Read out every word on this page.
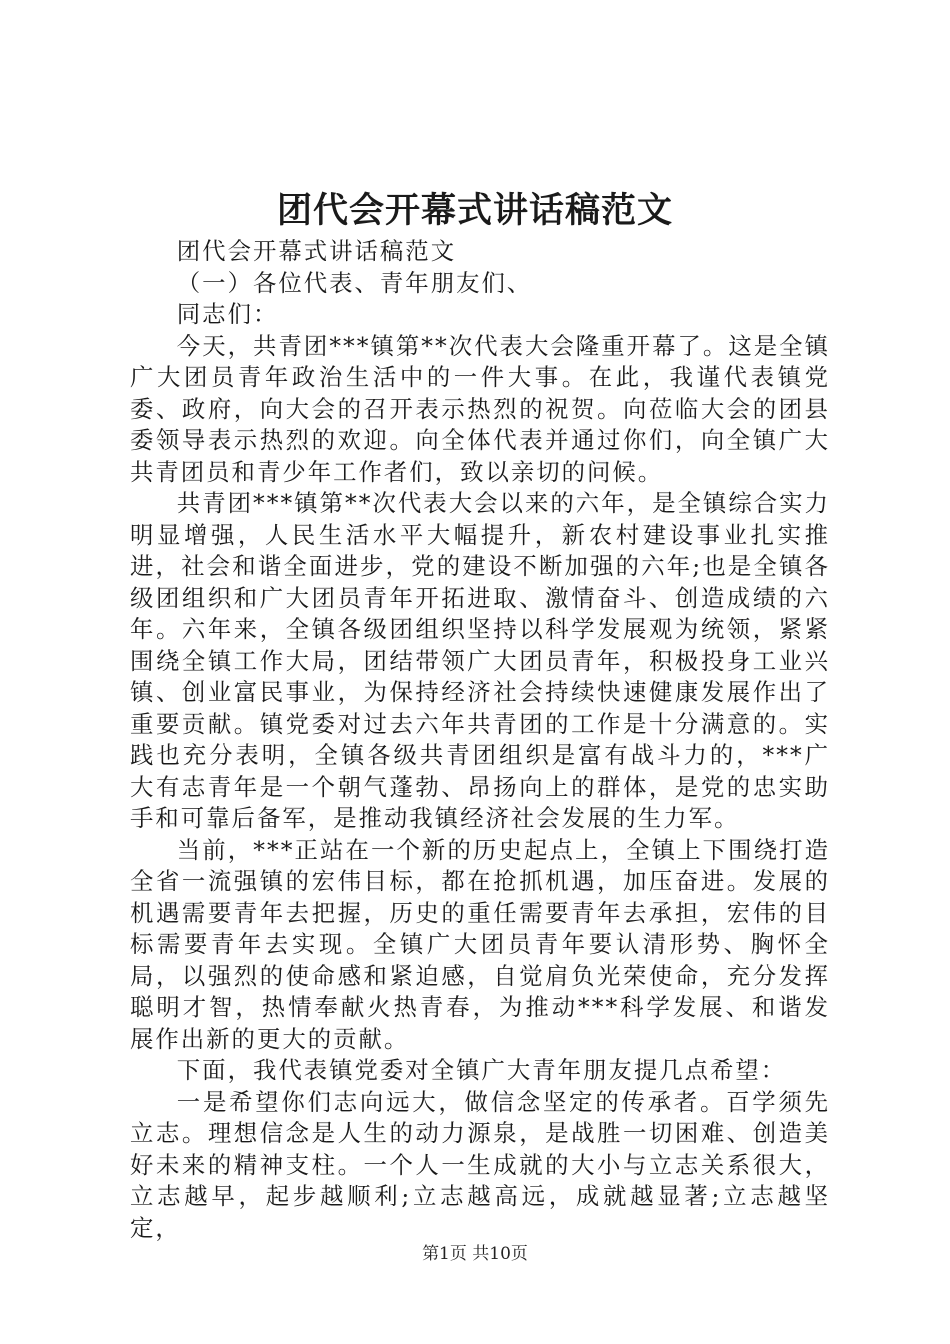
团代会开幕式讲话稿范文

团代会开幕式讲话稿范文

（一）各位代表、青年朋友们、

同志们：

今天，共青团***镇第**次代表大会隆重开幕了。这是全镇广大团员青年政治生活中的一件大事。在此，我谨代表镇党委、政府，向大会的召开表示热烈的祝贺。向莅临大会的团县委领导表示热烈的欢迎。向全体代表并通过你们，向全镇广大共青团员和青少年工作者们，致以亲切的问候。

共青团***镇第**次代表大会以来的六年，是全镇综合实力明显增强，人民生活水平大幅提升，新农村建设事业扎实推进，社会和谐全面进步，党的建设不断加强的六年;也是全镇各级团组织和广大团员青年开拓进取、激情奋斗、创造成绩的六年。六年来，全镇各级团组织坚持以科学发展观为统领，紧紧围绕全镇工作大局，团结带领广大团员青年，积极投身工业兴镇、创业富民事业，为保持经济社会持续快速健康发展作出了重要贡献。镇党委对过去六年共青团的工作是十分满意的。实践也充分表明，全镇各级共青团组织是富有战斗力的，***广大有志青年是一个朝气蓬勃、昂扬向上的群体，是党的忠实助手和可靠后备军，是推动我镇经济社会发展的生力军。

当前，***正站在一个新的历史起点上，全镇上下围绕打造全省一流强镇的宏伟目标，都在抢抓机遇，加压奋进。发展的机遇需要青年去把握，历史的重任需要青年去承担，宏伟的目标需要青年去实现。全镇广大团员青年要认清形势、胸怀全局，以强烈的使命感和紧迫感，自觉肩负光荣使命，充分发挥聪明才智，热情奉献火热青春，为推动***科学发展、和谐发展作出新的更大的贡献。

下面，我代表镇党委对全镇广大青年朋友提几点希望：

一是希望你们志向远大，做信念坚定的传承者。百学须先立志。理想信念是人生的动力源泉，是战胜一切困难、创造美好未来的精神支柱。一个人一生成就的大小与立志关系很大，立志越早，起步越顺利;立志越高远，成就越显著;立志越坚定，

第1页 共10页
